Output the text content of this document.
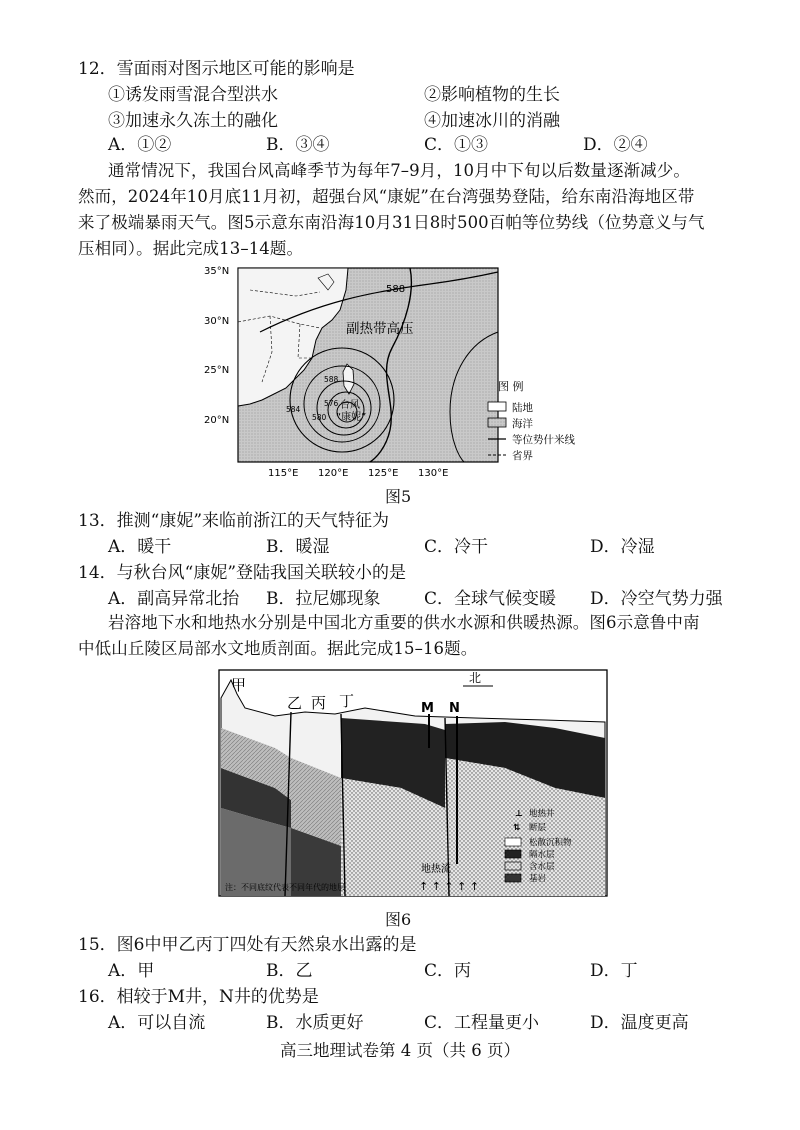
12．雪面雨对图示地区可能的影响是
①诱发雨雪混合型洪水	②影响植物的生长
③加速永久冻土的融化	④加速冰川的消融
A．①②	B．③④	C．①③	D．②④
通常情况下，我国台风高峰季节为每年7–9月，10月中下旬以后数量逐渐减少。
然而，2024年10月底11月初，超强台风“康妮”在台湾强势登陆，给东南沿海地区带
来了极端暴雨天气。图5示意东南沿海10月31日8时500百帕等位势线（位势意义与气
压相同）。据此完成13–14题。
588
副热带高压
588
584
580
576 台风 “康妮”
35°N
30°N
25°N
20°N
115°E 120°E 125°E 130°E
图 例
陆地
海洋
等位势什米线
省界
图5
13．推测“康妮”来临前浙江的天气特征为
A．暖干	B．暖湿	C．冷干	D．冷湿
14．与秋台风“康妮”登陆我国关联较小的是
A．副高异常北抬 B．拉尼娜现象	C．全球气候变暖 D．冷空气势力强
岩溶地下水和地热水分别是中国北方重要的供水水源和供暖热源。图6示意鲁中南
中低山丘陵区局部水文地质剖面。据此完成15–16题。
甲
乙 丙 丁	M N
北
⊥ 地热井
⇅ 断层
松散沉积物
隔水层
含水层
基岩
地热流
↑ ↑ ↑ ↑ ↑
注：不同底纹代表不同年代的地层
图6
15．图6中甲乙丙丁四处有天然泉水出露的是
A．甲	B．乙	C．丙	D．丁
16．相较于M井，N井的优势是
A．可以自流	B．水质更好	C．工程量更小	D．温度更高
高三地理试卷第 4 页（共 6 页）
